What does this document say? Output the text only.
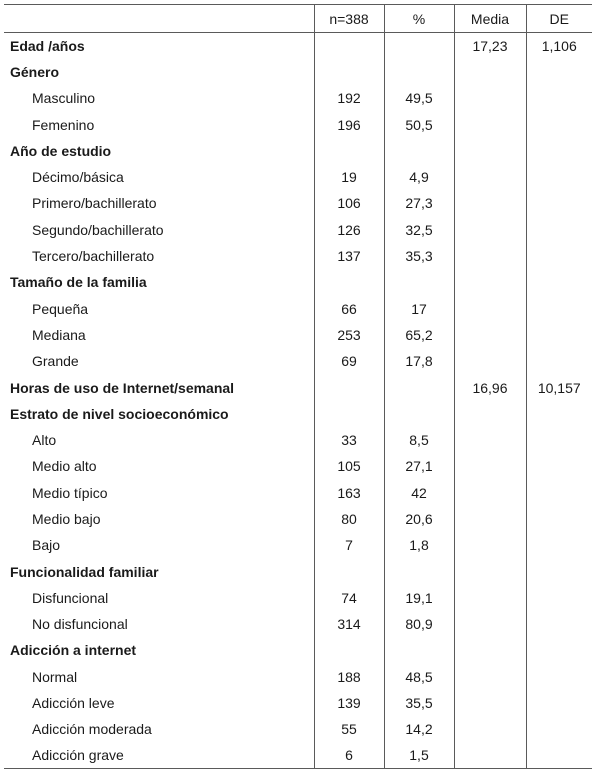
	n=388	%	Media	DE
Edad /años			17,23	1,106
Género				
Masculino	192	49,5		
Femenino	196	50,5		
Año de estudio				
Décimo/básica	19	4,9		
Primero/bachillerato	106	27,3		
Segundo/bachillerato	126	32,5		
Tercero/bachillerato	137	35,3		
Tamaño de la familia				
Pequeña	66	17		
Mediana	253	65,2		
Grande	69	17,8		
Horas de uso de Internet/semanal			16,96	10,157
Estrato de nivel socioeconómico				
Alto	33	8,5		
Medio alto	105	27,1		
Medio típico	163	42		
Medio bajo	80	20,6		
Bajo	7	1,8		
Funcionalidad familiar				
Disfuncional	74	19,1		
No disfuncional	314	80,9		
Adicción a internet				
Normal	188	48,5		
Adicción leve	139	35,5		
Adicción moderada	55	14,2		
Adicción grave	6	1,5		
